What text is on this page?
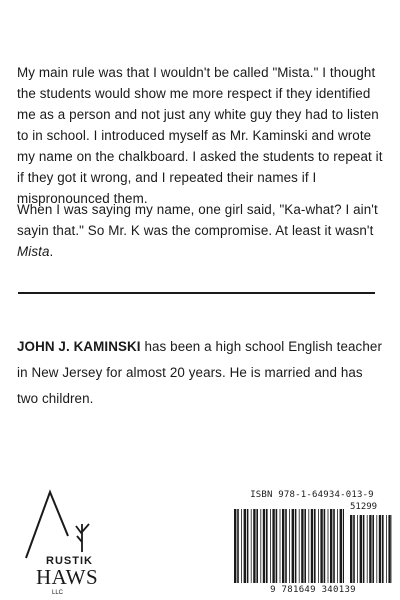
My main rule was that I wouldn't be called "Mista." I thought the students would show me more respect if they identified me as a person and not just any white guy they had to listen to in school. I introduced myself as Mr. Kaminski and wrote my name on the chalkboard. I asked the students to repeat it if they got it wrong, and I repeated their names if I mispronounced them.

When I was saying my name, one girl said, "Ka-what? I ain't sayin that." So Mr. K was the compromise. At least it wasn't Mista.

JOHN J. KAMINSKI has been a high school English teacher in New Jersey for almost 20 years. He is married and has two children.

RUSTIK
HAWS
LLC
ISBN 978-1-64934-013-9
51299
9 781649 340139
